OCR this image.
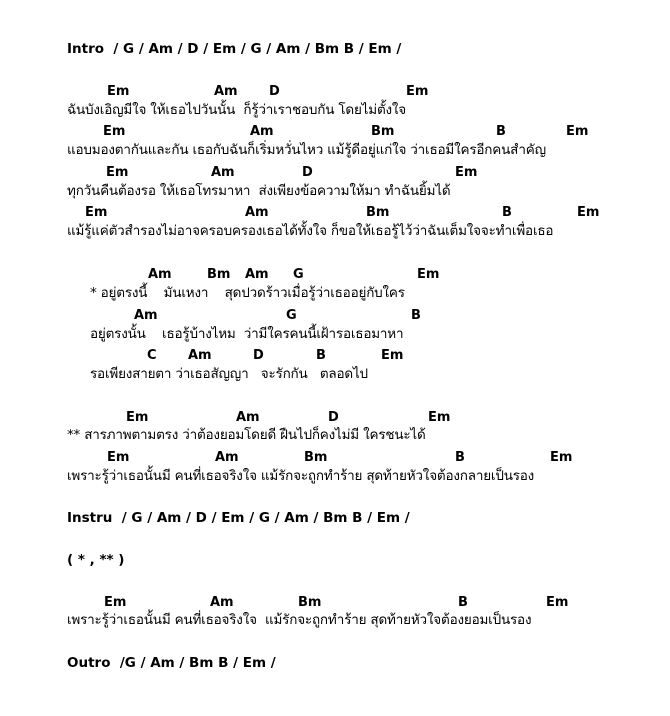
Intro  / G / Am / D / Em / G / Am / Bm B / Em /
Em	Am D	Em
ฉันบังเอิญมีใจ ให้เธอไปวันนั้น  ก็รู้ว่าเราชอบกัน โดยไม่ตั้งใจ
Em	Am	Bm	B	Em
แอบมองตากันและกัน เธอกับฉันก็เริ่มหวั่นไหว แม้รู้ดีอยู่แก่ใจ ว่าเธอมีใครอีกคนสำคัญ
Em	Am	D	Em
ทุกวันคืนต้องรอ ให้เธอโทรมาหา  ส่งเพียงข้อความให้มา ทำฉันยิ้มได้
Em	Am	Bm	B	Em
แม้รู้แค่ตัวสำรองไม่อาจครอบครองเธอได้ทั้งใจ ก็ขอให้เธอรู้ไว้ว่าฉันเต็มใจจะทำเพื่อเธอ
Am	Bm Am G	Em
* อยู่ตรงนี้    มันเหงา    สุดปวดร้าวเมื่อรู้ว่าเธออยู่กับใคร
Am	G	B
อยู่ตรงนั้น    เธอรู้บ้างไหม  ว่ามีใครคนนี้เฝ้ารอเธอมาหา
C Am	D	B	Em
รอเพียงสายตา ว่าเธอสัญญา   จะรักกัน   ตลอดไป
Em	Am	D	Em
** สารภาพตามตรง ว่าต้องยอมโดยดี ฝืนไปก็คงไม่มี ใครชนะได้
Em	Am	Bm	B	Em
เพราะรู้ว่าเธอนั้นมี คนที่เธอจริงใจ แม้รักจะถูกทำร้าย สุดท้ายหัวใจต้องกลายเป็นรอง
Instru  / G / Am / D / Em / G / Am / Bm B / Em /
( * , ** )
Em	Am	Bm	B	Em
เพราะรู้ว่าเธอนั้นมี คนที่เธอจริงใจ  แม้รักจะถูกทำร้าย สุดท้ายหัวใจต้องยอมเป็นรอง
Outro  /G / Am / Bm B / Em /
